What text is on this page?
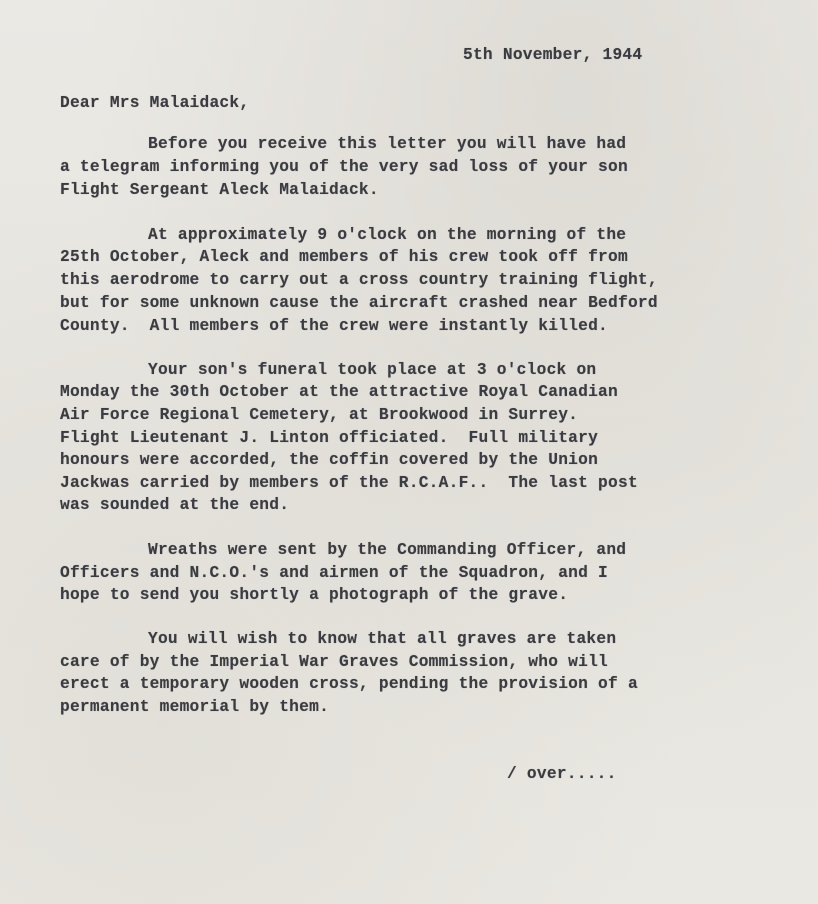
5th November, 1944
Dear Mrs Malaidack,
Before you receive this letter you will have had
a telegram informing you of the very sad loss of your son
Flight Sergeant Aleck Malaidack.
At approximately 9 o'clock on the morning of the
25th October, Aleck and members of his crew took off from
this aerodrome to carry out a cross country training flight,
but for some unknown cause the aircraft crashed near Bedford
County.  All members of the crew were instantly killed.
Your son's funeral took place at 3 o'clock on
Monday the 30th October at the attractive Royal Canadian
Air Force Regional Cemetery, at Brookwood in Surrey.
Flight Lieutenant J. Linton officiated.  Full military
honours were accorded, the coffin covered by the Union
Jackwas carried by members of the R.C.A.F..  The last post
was sounded at the end.
Wreaths were sent by the Commanding Officer, and
Officers and N.C.O.'s and airmen of the Squadron, and I
hope to send you shortly a photograph of the grave.
You will wish to know that all graves are taken
care of by the Imperial War Graves Commission, who will
erect a temporary wooden cross, pending the provision of a
permanent memorial by them.
/ over.....
